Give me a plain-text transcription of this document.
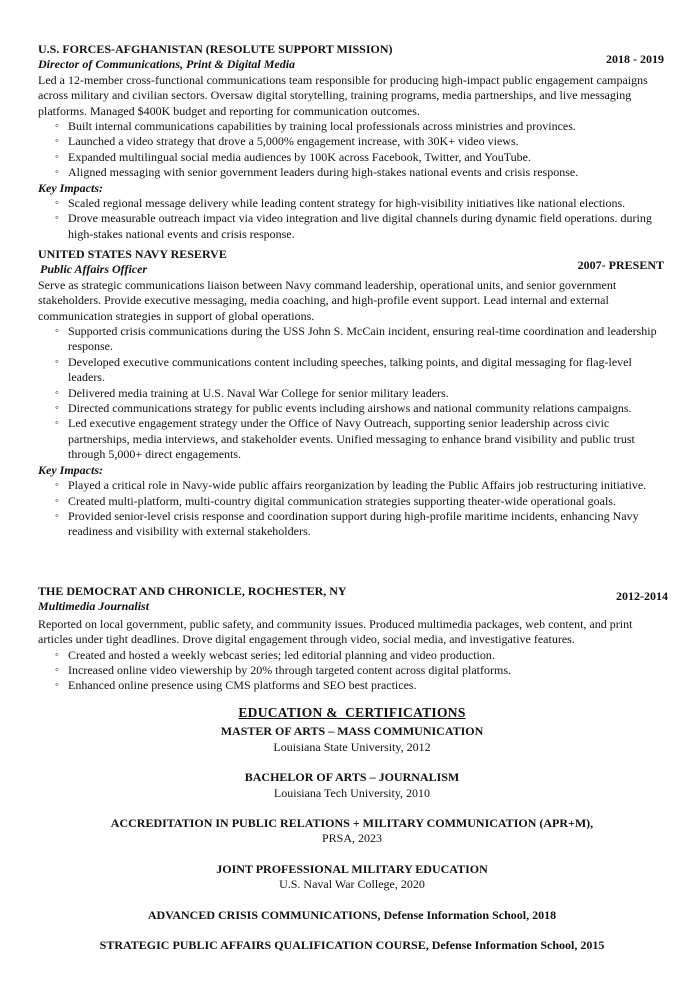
U.S. FORCES-AFGHANISTAN (RESOLUTE SUPPORT MISSION)
2018 - 2019
Director of Communications, Print & Digital Media

Led a 12-member cross-functional communications team responsible for producing high-impact public engagement campaigns across military and civilian sectors. Oversaw digital storytelling, training programs, media partnerships, and live messaging platforms. Managed $400K budget and reporting for communication outcomes.

◦ Built internal communications capabilities by training local professionals across ministries and provinces.
◦ Launched a video strategy that drove a 5,000% engagement increase, with 30K+ video views.
◦ Expanded multilingual social media audiences by 100K across Facebook, Twitter, and YouTube.
◦ Aligned messaging with senior government leaders during high-stakes national events and crisis response.
Key Impacts:
◦ Scaled regional message delivery while leading content strategy for high-visibility initiatives like national elections.
◦ Drove measurable outreach impact via video integration and live digital channels during dynamic field operations. during high-stakes national events and crisis response.
UNITED STATES NAVY RESERVE
2007- PRESENT
Public Affairs Officer

Serve as strategic communications liaison between Navy command leadership, operational units, and senior government stakeholders. Provide executive messaging, media coaching, and high-profile event support. Lead internal and external communication strategies in support of global operations.

◦ Supported crisis communications during the USS John S. McCain incident, ensuring real-time coordination and leadership response.
◦ Developed executive communications content including speeches, talking points, and digital messaging for flag-level leaders.
◦ Delivered media training at U.S. Naval War College for senior military leaders.
◦ Directed communications strategy for public events including airshows and national community relations campaigns.
◦ Led executive engagement strategy under the Office of Navy Outreach, supporting senior leadership across civic partnerships, media interviews, and stakeholder events. Unified messaging to enhance brand visibility and public trust through 5,000+ direct engagements.
Key Impacts:
◦ Played a critical role in Navy-wide public affairs reorganization by leading the Public Affairs job restructuring initiative.
◦ Created multi-platform, multi-country digital communication strategies supporting theater-wide operational goals.
◦ Provided senior-level crisis response and coordination support during high-profile maritime incidents, enhancing Navy readiness and visibility with external stakeholders.
THE DEMOCRAT AND CHRONICLE, ROCHESTER, NY	2012-2014
Multimedia Journalist

Reported on local government, public safety, and community issues. Produced multimedia packages, web content, and print articles under tight deadlines. Drove digital engagement through video, social media, and investigative features.

◦ Created and hosted a weekly webcast series; led editorial planning and video production.
◦ Increased online video viewership by 20% through targeted content across digital platforms.
◦ Enhanced online presence using CMS platforms and SEO best practices.
EDUCATION &  CERTIFICATIONS
MASTER OF ARTS – MASS COMMUNICATION
Louisiana State University, 2012
BACHELOR OF ARTS – JOURNALISM
Louisiana Tech University, 2010
ACCREDITATION IN PUBLIC RELATIONS + MILITARY COMMUNICATION (APR+M),
PRSA, 2023
JOINT PROFESSIONAL MILITARY EDUCATION
U.S. Naval War College, 2020
ADVANCED CRISIS COMMUNICATIONS, Defense Information School, 2018
STRATEGIC PUBLIC AFFAIRS QUALIFICATION COURSE, Defense Information School, 2015
